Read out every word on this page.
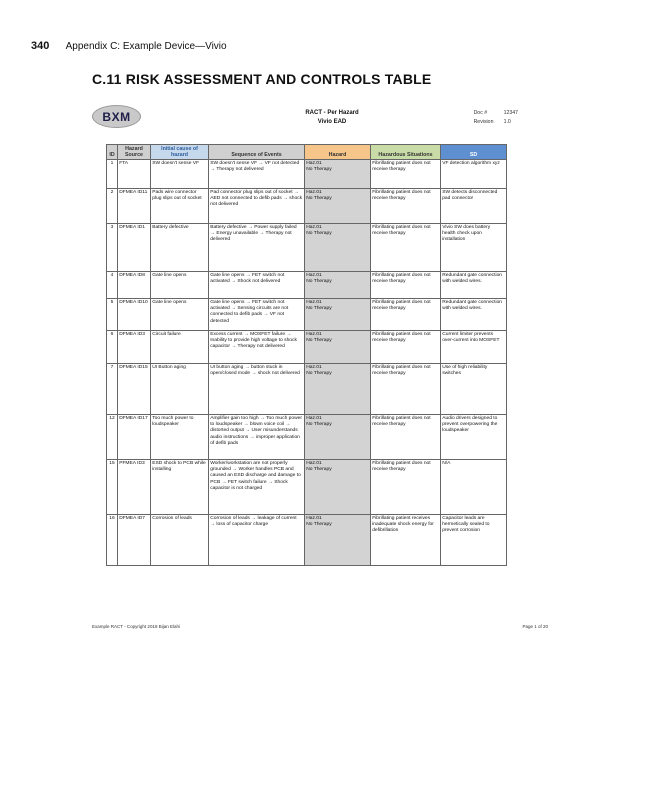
340 Appendix C: Example Device—Vivio
C.11 RISK ASSESSMENT AND CONTROLS TABLE
BXM	RACT - Per Hazard
Vivio EAD
Doc #	12347
Revision 1.0
ID	Hazard Source	Initial cause of hazard	Sequence of Events	Hazard	Hazardous Situations	SD
1	FTA	SW doesn't sense VF	SW doesn't sense VF → VF not detected → Therapy not delivered	Haz.01
No Therapy	Fibrillating patient does not receive therapy	VF detection algorithm xyz
2	DFMEA ID11	Pads wire connector plug slips out of socket	Pad connector plug slips out of socket → AED not connected to defib pads → shock not delivered	Haz.01
No Therapy	Fibrillating patient does not receive therapy	SW detects disconnected pad connector
3	DFMEA ID1	Battery defective	Battery defective → Power supply failed → Energy unavailable → Therapy not delivered	Haz.01
No Therapy	Fibrillating patient does not receive therapy	Vivio SW does battery health check upon installation
4	DFMEA ID8	Gate line opens	Gate line opens → FET switch not activated → Shock not delivered	Haz.01
No Therapy	Fibrillating patient does not receive therapy	Redundant gate connection with welded wires.
5	DFMEA ID10	Gate line opens	Gate line opens → FET switch not activated → Sensing circuits are not connected to defib pads → VF not detected	Haz.01
No Therapy	Fibrillating patient does not receive therapy	Redundant gate connection with welded wires.
6	DFMEA ID3	Circuit failure	Excess current → MOSFET failure → Inability to provide high voltage to shock capacitor → Therapy not delivered	Haz.01
No Therapy	Fibrillating patient does not receive therapy	Current limiter prevents over-current into MOSFET
7	DFMEA ID15	UI Button aging	UI button aging → button stuck in open/closed mode → shock not delivered	Haz.01
No Therapy	Fibrillating patient does not receive therapy	Use of high reliability switches
12	DFMEA ID17	Too much power to loudspeaker	Amplifier gain too high → Too much power to loudspeaker → blown voice coil → distorted output → User misunderstands audio instructions → improper application of defib pads	Haz.01
No Therapy	Fibrillating patient does not receive therapy	Audio drivers designed to prevent overpowering the loudspeaker
15	PFMEA ID3	ESD shock to PCB while installing	Worker/workstation are not properly grounded → Worker handles PCB and caused an ESD discharge and damage to PCB → FET switch failure → Shock capacitor is not charged	Haz.01
No Therapy	Fibrillating patient does not receive therapy	N/A
16	DFMEA ID7	Corrosion of leads	Corrosion of leads → leakage of current → loss of capacitor charge	Haz.01
No Therapy	Fibrillating patient receives inadequate shock energy for defibrillation	Capacitor leads are hermetically sealed to prevent corrosion
Example RACT - Copyright 2018 Bijan Elahi	Page 1 of 20
